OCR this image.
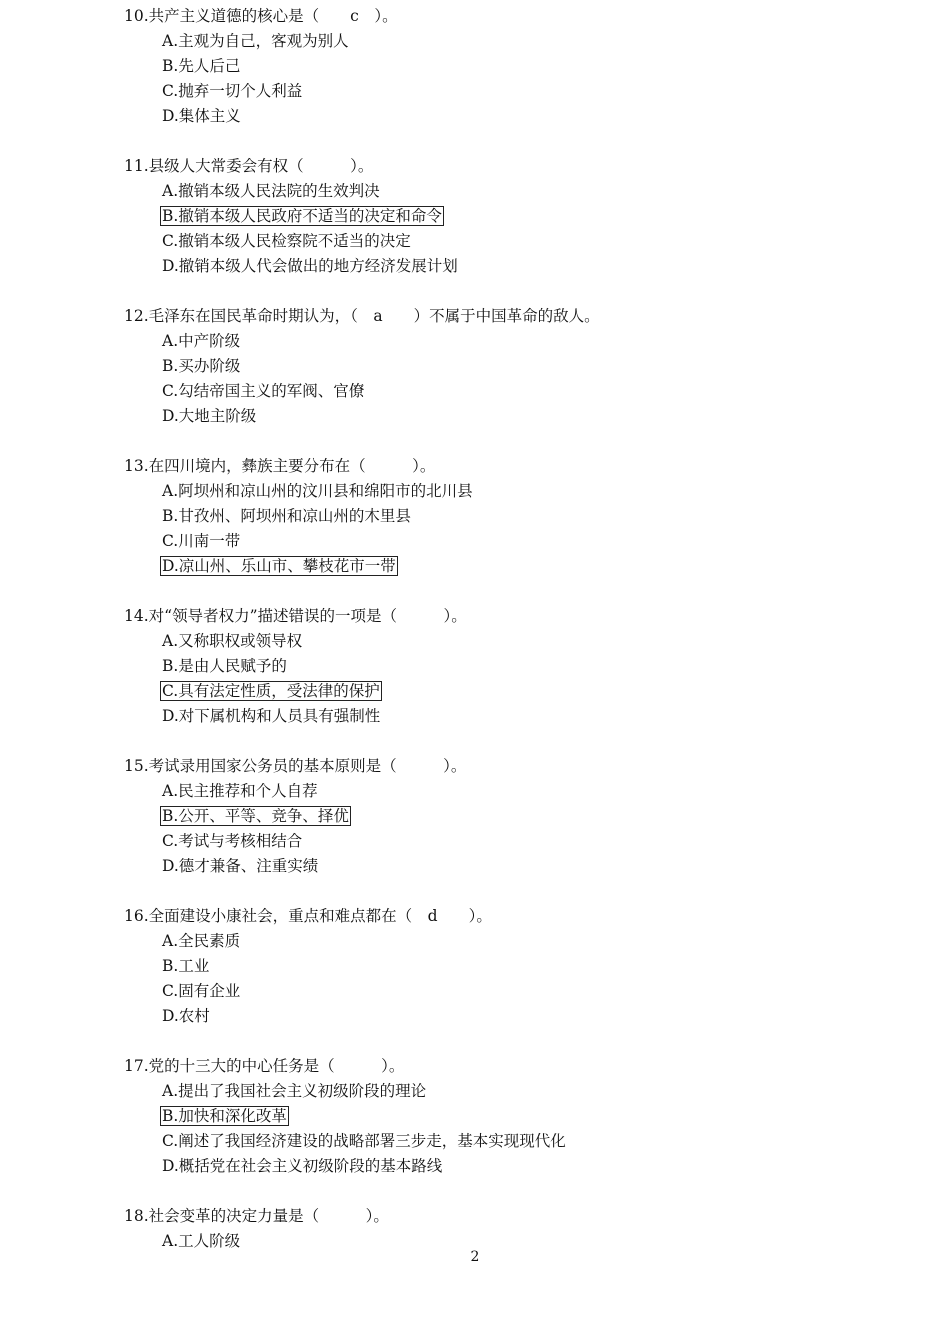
10.共产主义道德的核心是（　　c　）。
A.主观为自己，客观为别人
B.先人后己
C.抛弃一切个人利益
D.集体主义
11.县级人大常委会有权（　　　）。
A.撤销本级人民法院的生效判决
B.撤销本级人民政府不适当的决定和命令
C.撤销本级人民检察院不适当的决定
D.撤销本级人代会做出的地方经济发展计划
12.毛泽东在国民革命时期认为，（　a　　）不属于中国革命的敌人。
A.中产阶级
B.买办阶级
C.勾结帝国主义的军阀、官僚
D.大地主阶级
13.在四川境内，彝族主要分布在（　　　）。
A.阿坝州和凉山州的汶川县和绵阳市的北川县
B.甘孜州、阿坝州和凉山州的木里县
C.川南一带
D.凉山州、乐山市、攀枝花市一带
14.对“领导者权力”描述错误的一项是（　　　）。
A.又称职权或领导权
B.是由人民赋予的
C.具有法定性质，受法律的保护
D.对下属机构和人员具有强制性
15.考试录用国家公务员的基本原则是（　　　）。
A.民主推荐和个人自荐
B.公开、平等、竞争、择优
C.考试与考核相结合
D.德才兼备、注重实绩
16.全面建设小康社会，重点和难点都在（　d　　）。
A.全民素质
B.工业
C.固有企业
D.农村
17.党的十三大的中心任务是（　　　）。
A.提出了我国社会主义初级阶段的理论
B.加快和深化改革
C.阐述了我国经济建设的战略部署三步走，基本实现现代化
D.概括党在社会主义初级阶段的基本路线
18.社会变革的决定力量是（　　　）。
A.工人阶级
2
